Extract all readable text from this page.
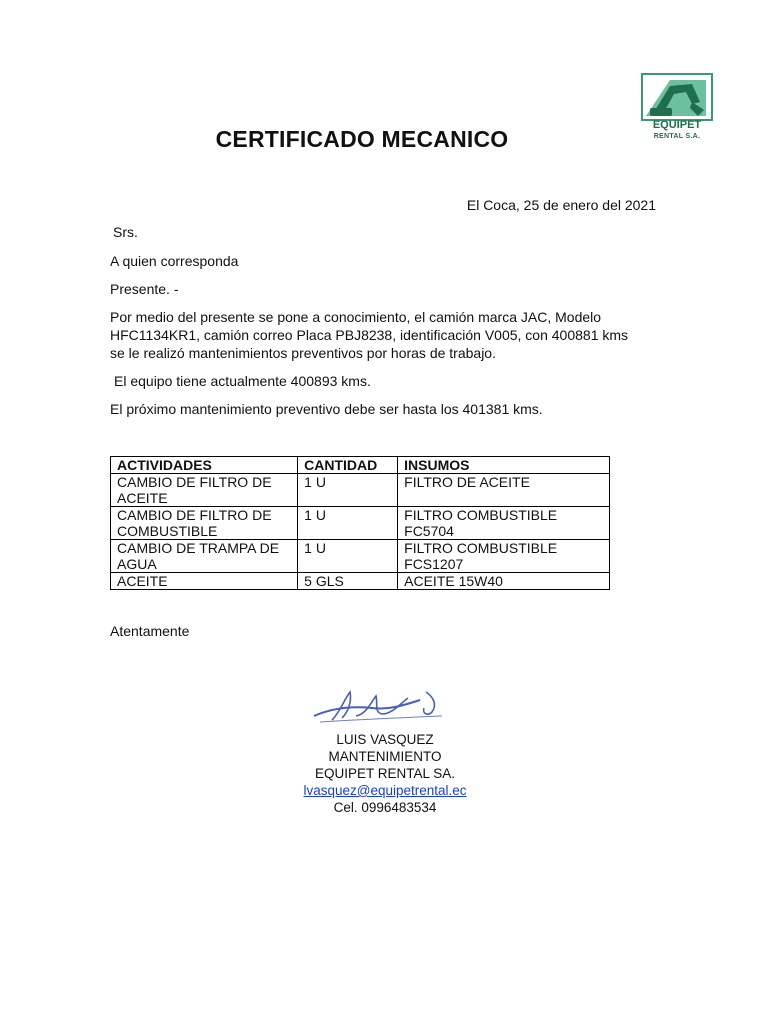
EQUIPET
RENTAL S.A.
CERTIFICADO MECANICO
El Coca, 25 de enero del 2021
Srs.
A quien corresponda
Presente. -
Por medio del presente se pone a conocimiento, el camión marca JAC, Modelo HFC1134KR1, camión correo Placa PBJ8238, identificación V005, con 400881 kms se le realizó mantenimientos preventivos por horas de trabajo.
El equipo tiene actualmente 400893 kms.
El próximo mantenimiento preventivo debe ser hasta los 401381 kms.
ACTIVIDADES	CANTIDAD	INSUMOS
CAMBIO DE FILTRO DE ACEITE	1 U	FILTRO DE ACEITE
CAMBIO DE FILTRO DE COMBUSTIBLE	1 U	FILTRO COMBUSTIBLE FC5704
CAMBIO DE TRAMPA DE AGUA	1 U	FILTRO COMBUSTIBLE FCS1207
ACEITE	5 GLS	ACEITE 15W40
Atentamente
LUIS VASQUEZ
MANTENIMIENTO
EQUIPET RENTAL SA.
lvasquez@equipetrental.ec
Cel. 0996483534
